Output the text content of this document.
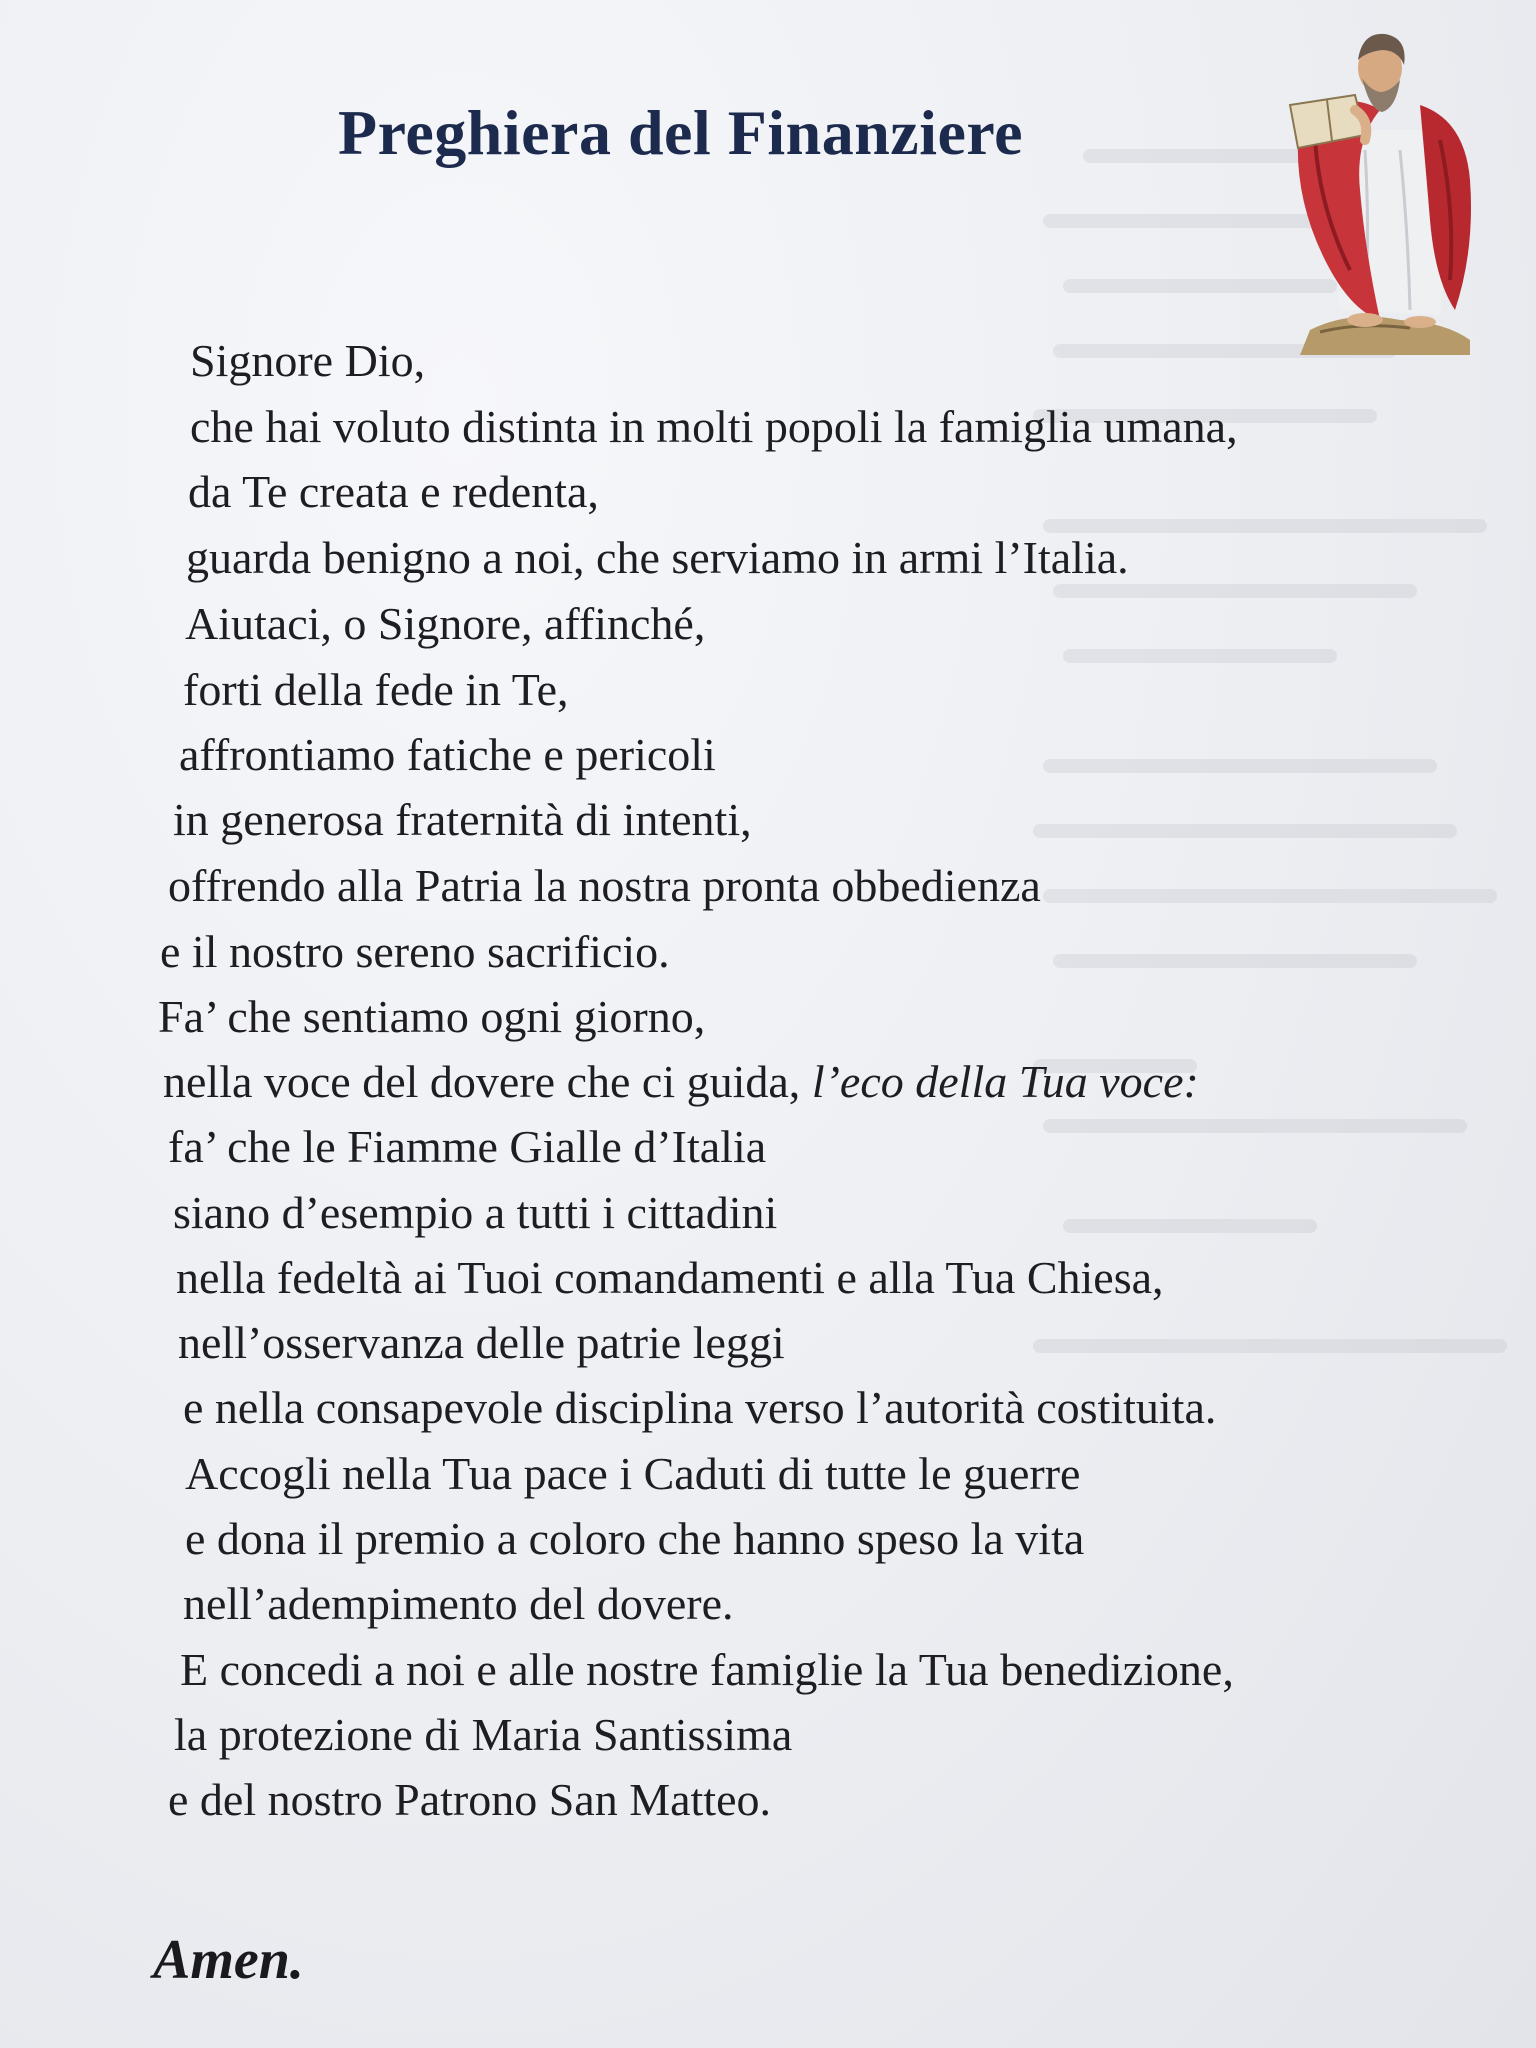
Preghiera del Finanziere
Signore Dio,
che hai voluto distinta in molti popoli la famiglia umana,
da Te creata e redenta,
guarda benigno a noi, che serviamo in armi l’Italia.
Aiutaci, o Signore, affinché,
forti della fede in Te,
affrontiamo fatiche e pericoli
in generosa fraternità di intenti,
offrendo alla Patria la nostra pronta obbedienza
e il nostro sereno sacrificio.
Fa’ che sentiamo ogni giorno,
nella voce del dovere che ci guida, l’eco della Tua voce:
fa’ che le Fiamme Gialle d’Italia
siano d’esempio a tutti i cittadini
nella fedeltà ai Tuoi comandamenti e alla Tua Chiesa,
nell’osservanza delle patrie leggi
e nella consapevole disciplina verso l’autorità costituita.
Accogli nella Tua pace i Caduti di tutte le guerre
e dona il premio a coloro che hanno speso la vita
nell’adempimento del dovere.
E concedi a noi e alle nostre famiglie la Tua benedizione,
la protezione di Maria Santissima
e del nostro Patrono San Matteo.
Amen.
